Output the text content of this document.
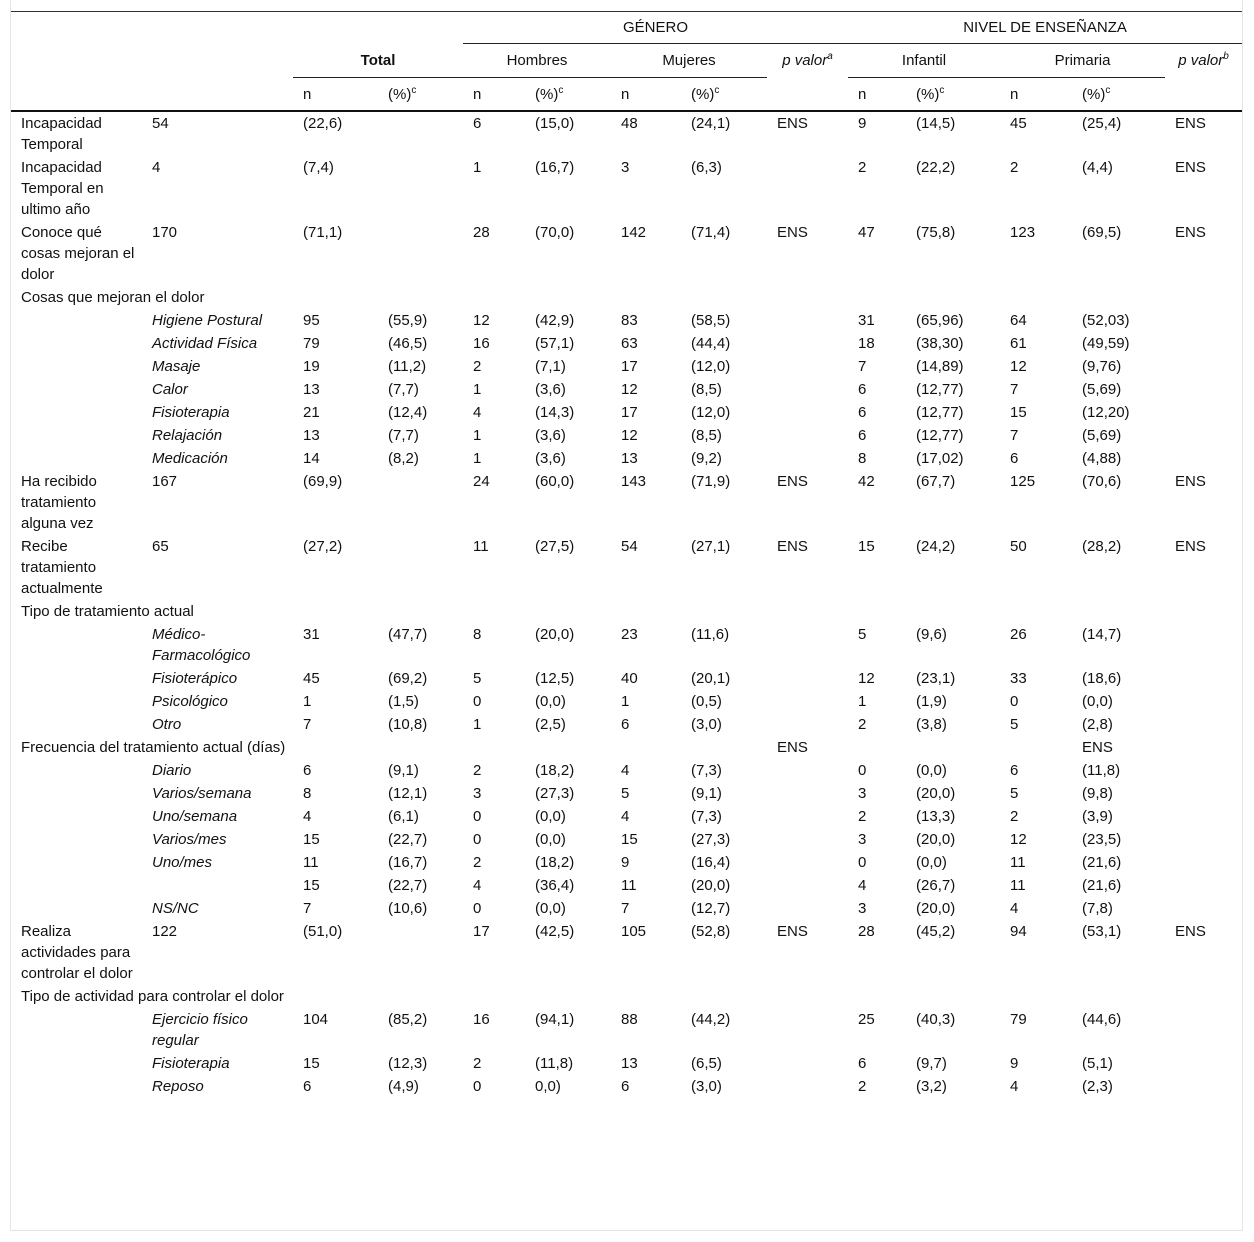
				GÉNERO					NIVEL DE ENSEÑANZA				
		Total		Hombres		Mujeres		p valor$^a$	Infantil		Primaria		p valor$^b$
		n	(%)$^c$	n	(%)$^c$	n	(%)$^c$		n	(%)$^c$	n	(%)$^c$	
Incapacidad Temporal	54	(22,6)		6	(15,0)	48	(24,1)	ENS	9	(14,5)	45	(25,4)	ENS
Incapacidad Temporal en ultimo año	4	(7,4)		1	(16,7)	3	(6,3)		2	(22,2)	2	(4,4)	ENS
Conoce qué cosas mejoran el dolor	170	(71,1)		28	(70,0)	142	(71,4)	ENS	47	(75,8)	123	(69,5)	ENS
Cosas que mejoran el dolor													
	Higiene Postural	95	(55,9)	12	(42,9)	83	(58,5)		31	(65,96)	64	(52,03)	
	Actividad Física	79	(46,5)	16	(57,1)	63	(44,4)		18	(38,30)	61	(49,59)	
	Masaje	19	(11,2)	2	(7,1)	17	(12,0)		7	(14,89)	12	(9,76)	
	Calor	13	(7,7)	1	(3,6)	12	(8,5)		6	(12,77)	7	(5,69)	
	Fisioterapia	21	(12,4)	4	(14,3)	17	(12,0)		6	(12,77)	15	(12,20)	
	Relajación	13	(7,7)	1	(3,6)	12	(8,5)		6	(12,77)	7	(5,69)	
	Medicación	14	(8,2)	1	(3,6)	13	(9,2)		8	(17,02)	6	(4,88)	
Ha recibido tratamiento alguna vez	167	(69,9)		24	(60,0)	143	(71,9)	ENS	42	(67,7)	125	(70,6)	ENS
Recibe tratamiento actualmente	65	(27,2)		11	(27,5)	54	(27,1)	ENS	15	(24,2)	50	(28,2)	ENS
Tipo de tratamiento actual													
	Médico-Farmacológico	31	(47,7)	8	(20,0)	23	(11,6)		5	(9,6)	26	(14,7)	
	Fisioterápico	45	(69,2)	5	(12,5)	40	(20,1)		12	(23,1)	33	(18,6)	
	Psicológico	1	(1,5)	0	(0,0)	1	(0,5)		1	(1,9)	0	(0,0)	
	Otro	7	(10,8)	1	(2,5)	6	(3,0)		2	(3,8)	5	(2,8)	
Frecuencia del tratamiento actual (días)								ENS				ENS	
	Diario	6	(9,1)	2	(18,2)	4	(7,3)		0	(0,0)	6	(11,8)	
	Varios/semana	8	(12,1)	3	(27,3)	5	(9,1)		3	(20,0)	5	(9,8)	
	Uno/semana	4	(6,1)	0	(0,0)	4	(7,3)		2	(13,3)	2	(3,9)	
	Varios/mes	15	(22,7)	0	(0,0)	15	(27,3)		3	(20,0)	12	(23,5)	
	Uno/mes	11	(16,7)	2	(18,2)	9	(16,4)		0	(0,0)	11	(21,6)	
		15	(22,7)	4	(36,4)	11	(20,0)		4	(26,7)	11	(21,6)	
	NS/NC	7	(10,6)	0	(0,0)	7	(12,7)		3	(20,0)	4	(7,8)	
Realiza actividades para controlar el dolor	122	(51,0)		17	(42,5)	105	(52,8)	ENS	28	(45,2)	94	(53,1)	ENS
Tipo de actividad para controlar el dolor													
	Ejercicio físico regular	104	(85,2)	16	(94,1)	88	(44,2)		25	(40,3)	79	(44,6)	
	Fisioterapia	15	(12,3)	2	(11,8)	13	(6,5)		6	(9,7)	9	(5,1)	
	Reposo	6	(4,9)	0	0,0)	6	(3,0)		2	(3,2)	4	(2,3)	
